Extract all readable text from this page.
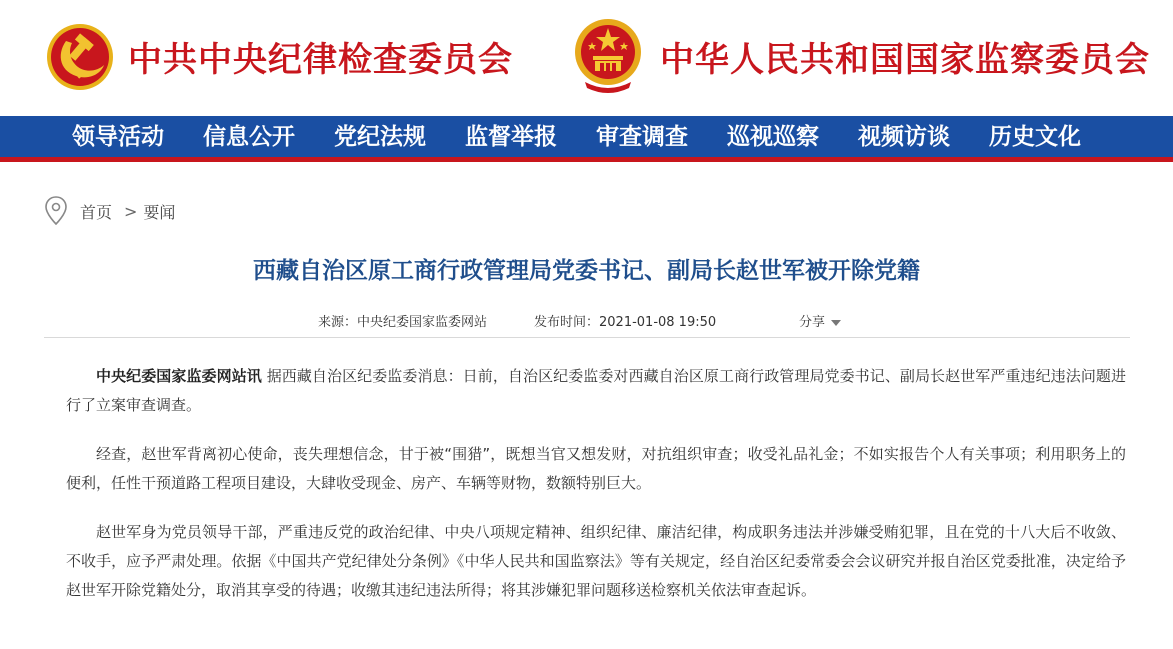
中共中央纪律检查委员会	中华人民共和国国家监察委员会
领导活动 信息公开 党纪法规 监督举报 审查调查 巡视巡察 视频访谈 历史文化
首页 > 要闻
西藏自治区原工商行政管理局党委书记、副局长赵世军被开除党籍
来源：中央纪委国家监委网站	发布时间：2021-01-08 19:50	分享

中央纪委国家监委网站讯 据西藏自治区纪委监委消息：日前，自治区纪委监委对西藏自治区原工商行政管理局党委书记、副局长赵世军严重违纪违法问题进行了立案审查调查。

经查，赵世军背离初心使命，丧失理想信念，甘于被“围猎”，既想当官又想发财，对抗组织审查；收受礼品礼金；不如实报告个人有关事项；利用职务上的便利，任性干预道路工程项目建设，大肆收受现金、房产、车辆等财物，数额特别巨大。

赵世军身为党员领导干部，严重违反党的政治纪律、中央八项规定精神、组织纪律、廉洁纪律，构成职务违法并涉嫌受贿犯罪，且在党的十八大后不收敛、不收手，应予严肃处理。依据《中国共产党纪律处分条例》《中华人民共和国监察法》等有关规定，经自治区纪委常委会会议研究并报自治区党委批准，决定给予赵世军开除党籍处分，取消其享受的待遇；收缴其违纪违法所得；将其涉嫌犯罪问题移送检察机关依法审查起诉。
